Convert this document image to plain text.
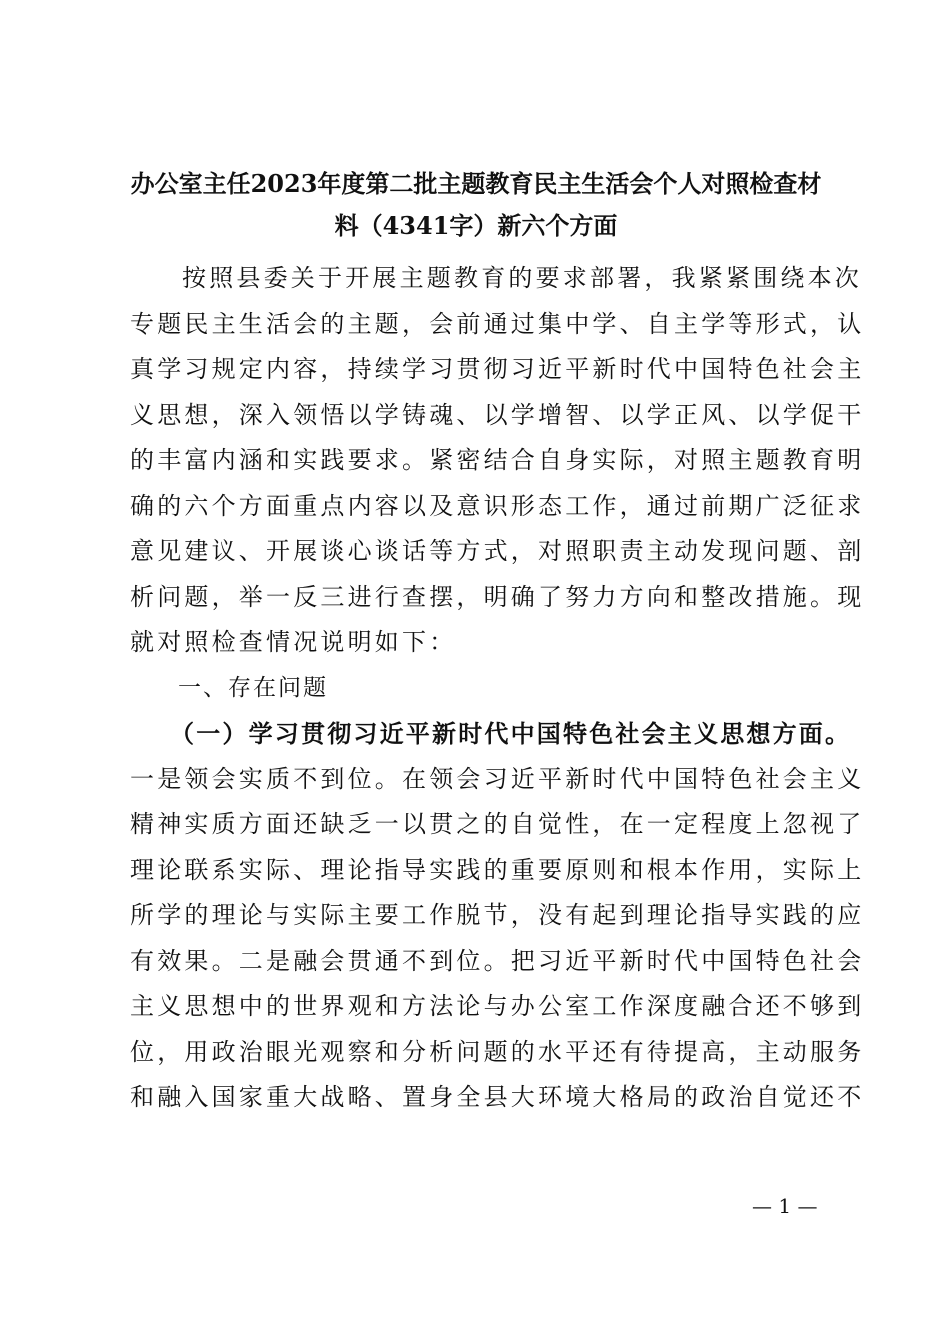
办公室主任2023年度第二批主题教育民主生活会个人对照检查材
料（4341字）新六个方面
按照县委关于开展主题教育的要求部署，我紧紧围绕本次
专题民主生活会的主题，会前通过集中学、自主学等形式，认
真学习规定内容，持续学习贯彻习近平新时代中国特色社会主
义思想，深入领悟以学铸魂、以学增智、以学正风、以学促干
的丰富内涵和实践要求。紧密结合自身实际，对照主题教育明
确的六个方面重点内容以及意识形态工作，通过前期广泛征求
意见建议、开展谈心谈话等方式，对照职责主动发现问题、剖
析问题，举一反三进行查摆，明确了努力方向和整改措施。现
就对照检查情况说明如下：
一、存在问题
（一）学习贯彻习近平新时代中国特色社会主义思想方面。
一是领会实质不到位。在领会习近平新时代中国特色社会主义
精神实质方面还缺乏一以贯之的自觉性，在一定程度上忽视了
理论联系实际、理论指导实践的重要原则和根本作用，实际上
所学的理论与实际主要工作脱节，没有起到理论指导实践的应
有效果。二是融会贯通不到位。把习近平新时代中国特色社会
主义思想中的世界观和方法论与办公室工作深度融合还不够到
位，用政治眼光观察和分析问题的水平还有待提高，主动服务
和融入国家重大战略、置身全县大环境大格局的政治自觉还不
— 1 —
